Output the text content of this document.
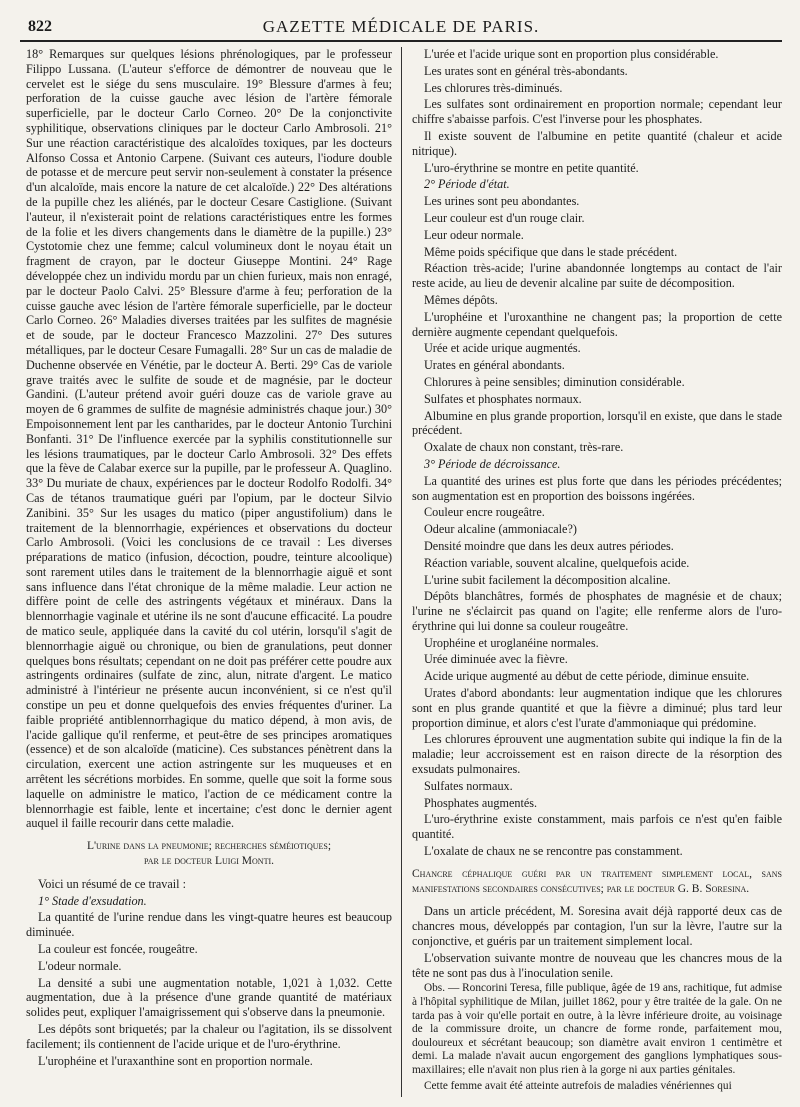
822	GAZETTE MÉDICALE DE PARIS.

18° Remarques sur quelques lésions phrénologiques, par le professeur Filippo Lussana. (L'auteur s'efforce de démontrer de nouveau que le cervelet est le siége du sens musculaire. 19° Blessure d'armes à feu; perforation de la cuisse gauche avec lésion de l'artère fémorale superficielle, par le docteur Carlo Corneo. 20° De la conjonctivite syphilitique, observations cliniques par le docteur Carlo Ambrosoli. 21° Sur une réaction caractéristique des alcaloïdes toxiques, par les docteurs Alfonso Cossa et Antonio Carpene. (Suivant ces auteurs, l'iodure double de potasse et de mercure peut servir non-seulement à constater la présence d'un alcaloïde, mais encore la nature de cet alcaloïde.) 22° Des altérations de la pupille chez les aliénés, par le docteur Cesare Castiglione. (Suivant l'auteur, il n'existerait point de relations caractéristiques entre les formes de la folie et les divers changements dans le diamètre de la pupille.) 23° Cystotomie chez une femme; calcul volumineux dont le noyau était un fragment de crayon, par le docteur Giuseppe Montini. 24° Rage développée chez un individu mordu par un chien furieux, mais non enragé, par le docteur Paolo Calvi. 25° Blessure d'arme à feu; perforation de la cuisse gauche avec lésion de l'artère fémorale superficielle, par le docteur Carlo Corneo. 26° Maladies diverses traitées par les sulfites de magnésie et de soude, par le docteur Francesco Mazzolini. 27° Des sutures métalliques, par le docteur Cesare Fumagalli. 28° Sur un cas de maladie de Duchenne observée en Vénétie, par le docteur A. Berti. 29° Cas de variole grave traités avec le sulfite de soude et de magnésie, par le docteur Gandini. (L'auteur prétend avoir guéri douze cas de variole grave au moyen de 6 grammes de sulfite de magnésie administrés chaque jour.) 30° Empoisonnement lent par les cantharides, par le docteur Antonio Turchini Bonfanti. 31° De l'influence exercée par la syphilis constitutionnelle sur les lésions traumatiques, par le docteur Carlo Ambrosoli. 32° Des effets que la fève de Calabar exerce sur la pupille, par le professeur A. Quaglino. 33° Du muriate de chaux, expériences par le docteur Rodolfo Rodolfi. 34° Cas de tétanos traumatique guéri par l'opium, par le docteur Silvio Zanibini. 35° Sur les usages du matico (piper angustifolium) dans le traitement de la blennorrhagie, expériences et observations du docteur Carlo Ambrosoli. (Voici les conclusions de ce travail : Les diverses préparations de matico (infusion, décoction, poudre, teinture alcoolique) sont rarement utiles dans le traitement de la blennorrhagie aiguë et sont sans influence dans l'état chronique de la même maladie. Leur action ne diffère point de celle des astringents végétaux et minéraux. Dans la blennorrhagie vaginale et utérine ils ne sont d'aucune efficacité. La poudre de matico seule, appliquée dans la cavité du col utérin, lorsqu'il s'agit de blennorrhagie aiguë ou chronique, ou bien de granulations, peut donner quelques bons résultats; cependant on ne doit pas préférer cette poudre aux astringents ordinaires (sulfate de zinc, alun, nitrate d'argent. Le matico administré à l'intérieur ne présente aucun inconvénient, si ce n'est qu'il constipe un peu et donne quelquefois des envies fréquentes d'uriner. La faible propriété antiblennorrhagique du matico dépend, à mon avis, de l'acide gallique qu'il renferme, et peut-être de ses principes aromatiques (essence) et de son alcaloïde (maticine). Ces substances pénètrent dans la circulation, exercent une action astringente sur les muqueuses et en arrêtent les sécrétions morbides. En somme, quelle que soit la forme sous laquelle on administre le matico, l'action de ce médicament contre la blennorrhagie est faible, lente et incertaine; c'est donc le dernier agent auquel il faille recourir dans cette maladie.

L'urine dans la pneumonie; recherches séméiotiques;
par le docteur Luigi Monti.

Voici un résumé de ce travail :

1° Stade d'exsudation.

La quantité de l'urine rendue dans les vingt-quatre heures est beaucoup diminuée.

La couleur est foncée, rougeâtre.

L'odeur normale.

La densité a subi une augmentation notable, 1,021 à 1,032. Cette augmentation, due à la présence d'une grande quantité de matériaux solides peut, expliquer l'amaigrissement qui s'observe dans la pneumonie.

Les dépôts sont briquetés; par la chaleur ou l'agitation, ils se dissolvent facilement; ils contiennent de l'acide urique et de l'uro-érythrine.

L'urophéine et l'uraxanthine sont en proportion normale.

L'urée et l'acide urique sont en proportion plus considérable.

Les urates sont en général très-abondants.

Les chlorures très-diminués.

Les sulfates sont ordinairement en proportion normale; cependant leur chiffre s'abaisse parfois. C'est l'inverse pour les phosphates.

Il existe souvent de l'albumine en petite quantité (chaleur et acide nitrique).

L'uro-érythrine se montre en petite quantité.

2° Période d'état.

Les urines sont peu abondantes.

Leur couleur est d'un rouge clair.

Leur odeur normale.

Même poids spécifique que dans le stade précédent.

Réaction très-acide; l'urine abandonnée longtemps au contact de l'air reste acide, au lieu de devenir alcaline par suite de décomposition.

Mêmes dépôts.

L'urophéine et l'uroxanthine ne changent pas; la proportion de cette dernière augmente cependant quelquefois.

Urée et acide urique augmentés.

Urates en général abondants.

Chlorures à peine sensibles; diminution considérable.

Sulfates et phosphates normaux.

Albumine en plus grande proportion, lorsqu'il en existe, que dans le stade précédent.

Oxalate de chaux non constant, très-rare.

3° Période de décroissance.

La quantité des urines est plus forte que dans les périodes précédentes; son augmentation est en proportion des boissons ingérées.

Couleur encre rougeâtre.

Odeur alcaline (ammoniacale?)

Densité moindre que dans les deux autres périodes.

Réaction variable, souvent alcaline, quelquefois acide.

L'urine subit facilement la décomposition alcaline.

Dépôts blanchâtres, formés de phosphates de magnésie et de chaux; l'urine ne s'éclaircit pas quand on l'agite; elle renferme alors de l'uro-érythrine qui lui donne sa couleur rougeâtre.

Urophéine et uroglanéine normales.

Urée diminuée avec la fièvre.

Acide urique augmenté au début de cette période, diminue ensuite.

Urates d'abord abondants: leur augmentation indique que les chlorures sont en plus grande quantité et que la fièvre a diminué; plus tard leur proportion diminue, et alors c'est l'urate d'ammoniaque qui prédomine.

Les chlorures éprouvent une augmentation subite qui indique la fin de la maladie; leur accroissement est en raison directe de la résorption des exsudats pulmonaires.

Sulfates normaux.

Phosphates augmentés.

L'uro-érythrine existe constamment, mais parfois ce n'est qu'en faible quantité.

L'oxalate de chaux ne se rencontre pas constamment.

Chancre céphalique guéri par un traitement simplement local, sans manifestations secondaires consécutives; par le docteur G. B. Soresina.

Dans un article précédent, M. Soresina avait déjà rapporté deux cas de chancres mous, développés par contagion, l'un sur la lèvre, l'autre sur la conjonctive, et guéris par un traitement simplement local.

L'observation suivante montre de nouveau que les chancres mous de la tête ne sont pas dus à l'inoculation senile.

Obs. — Roncorini Teresa, fille publique, âgée de 19 ans, rachitique, fut admise à l'hôpital syphilitique de Milan, juillet 1862, pour y être traitée de la gale. On ne tarda pas à voir qu'elle portait en outre, à la lèvre inférieure droite, au voisinage de la commissure droite, un chancre de forme ronde, parfaitement mou, douloureux et sécrétant beaucoup; son diamètre avait environ 1 centimètre et demi. La malade n'avait aucun engorgement des ganglions lymphatiques sous-maxillaires; elle n'avait non plus rien à la gorge ni aux parties génitales.

Cette femme avait été atteinte autrefois de maladies vénériennes qui
